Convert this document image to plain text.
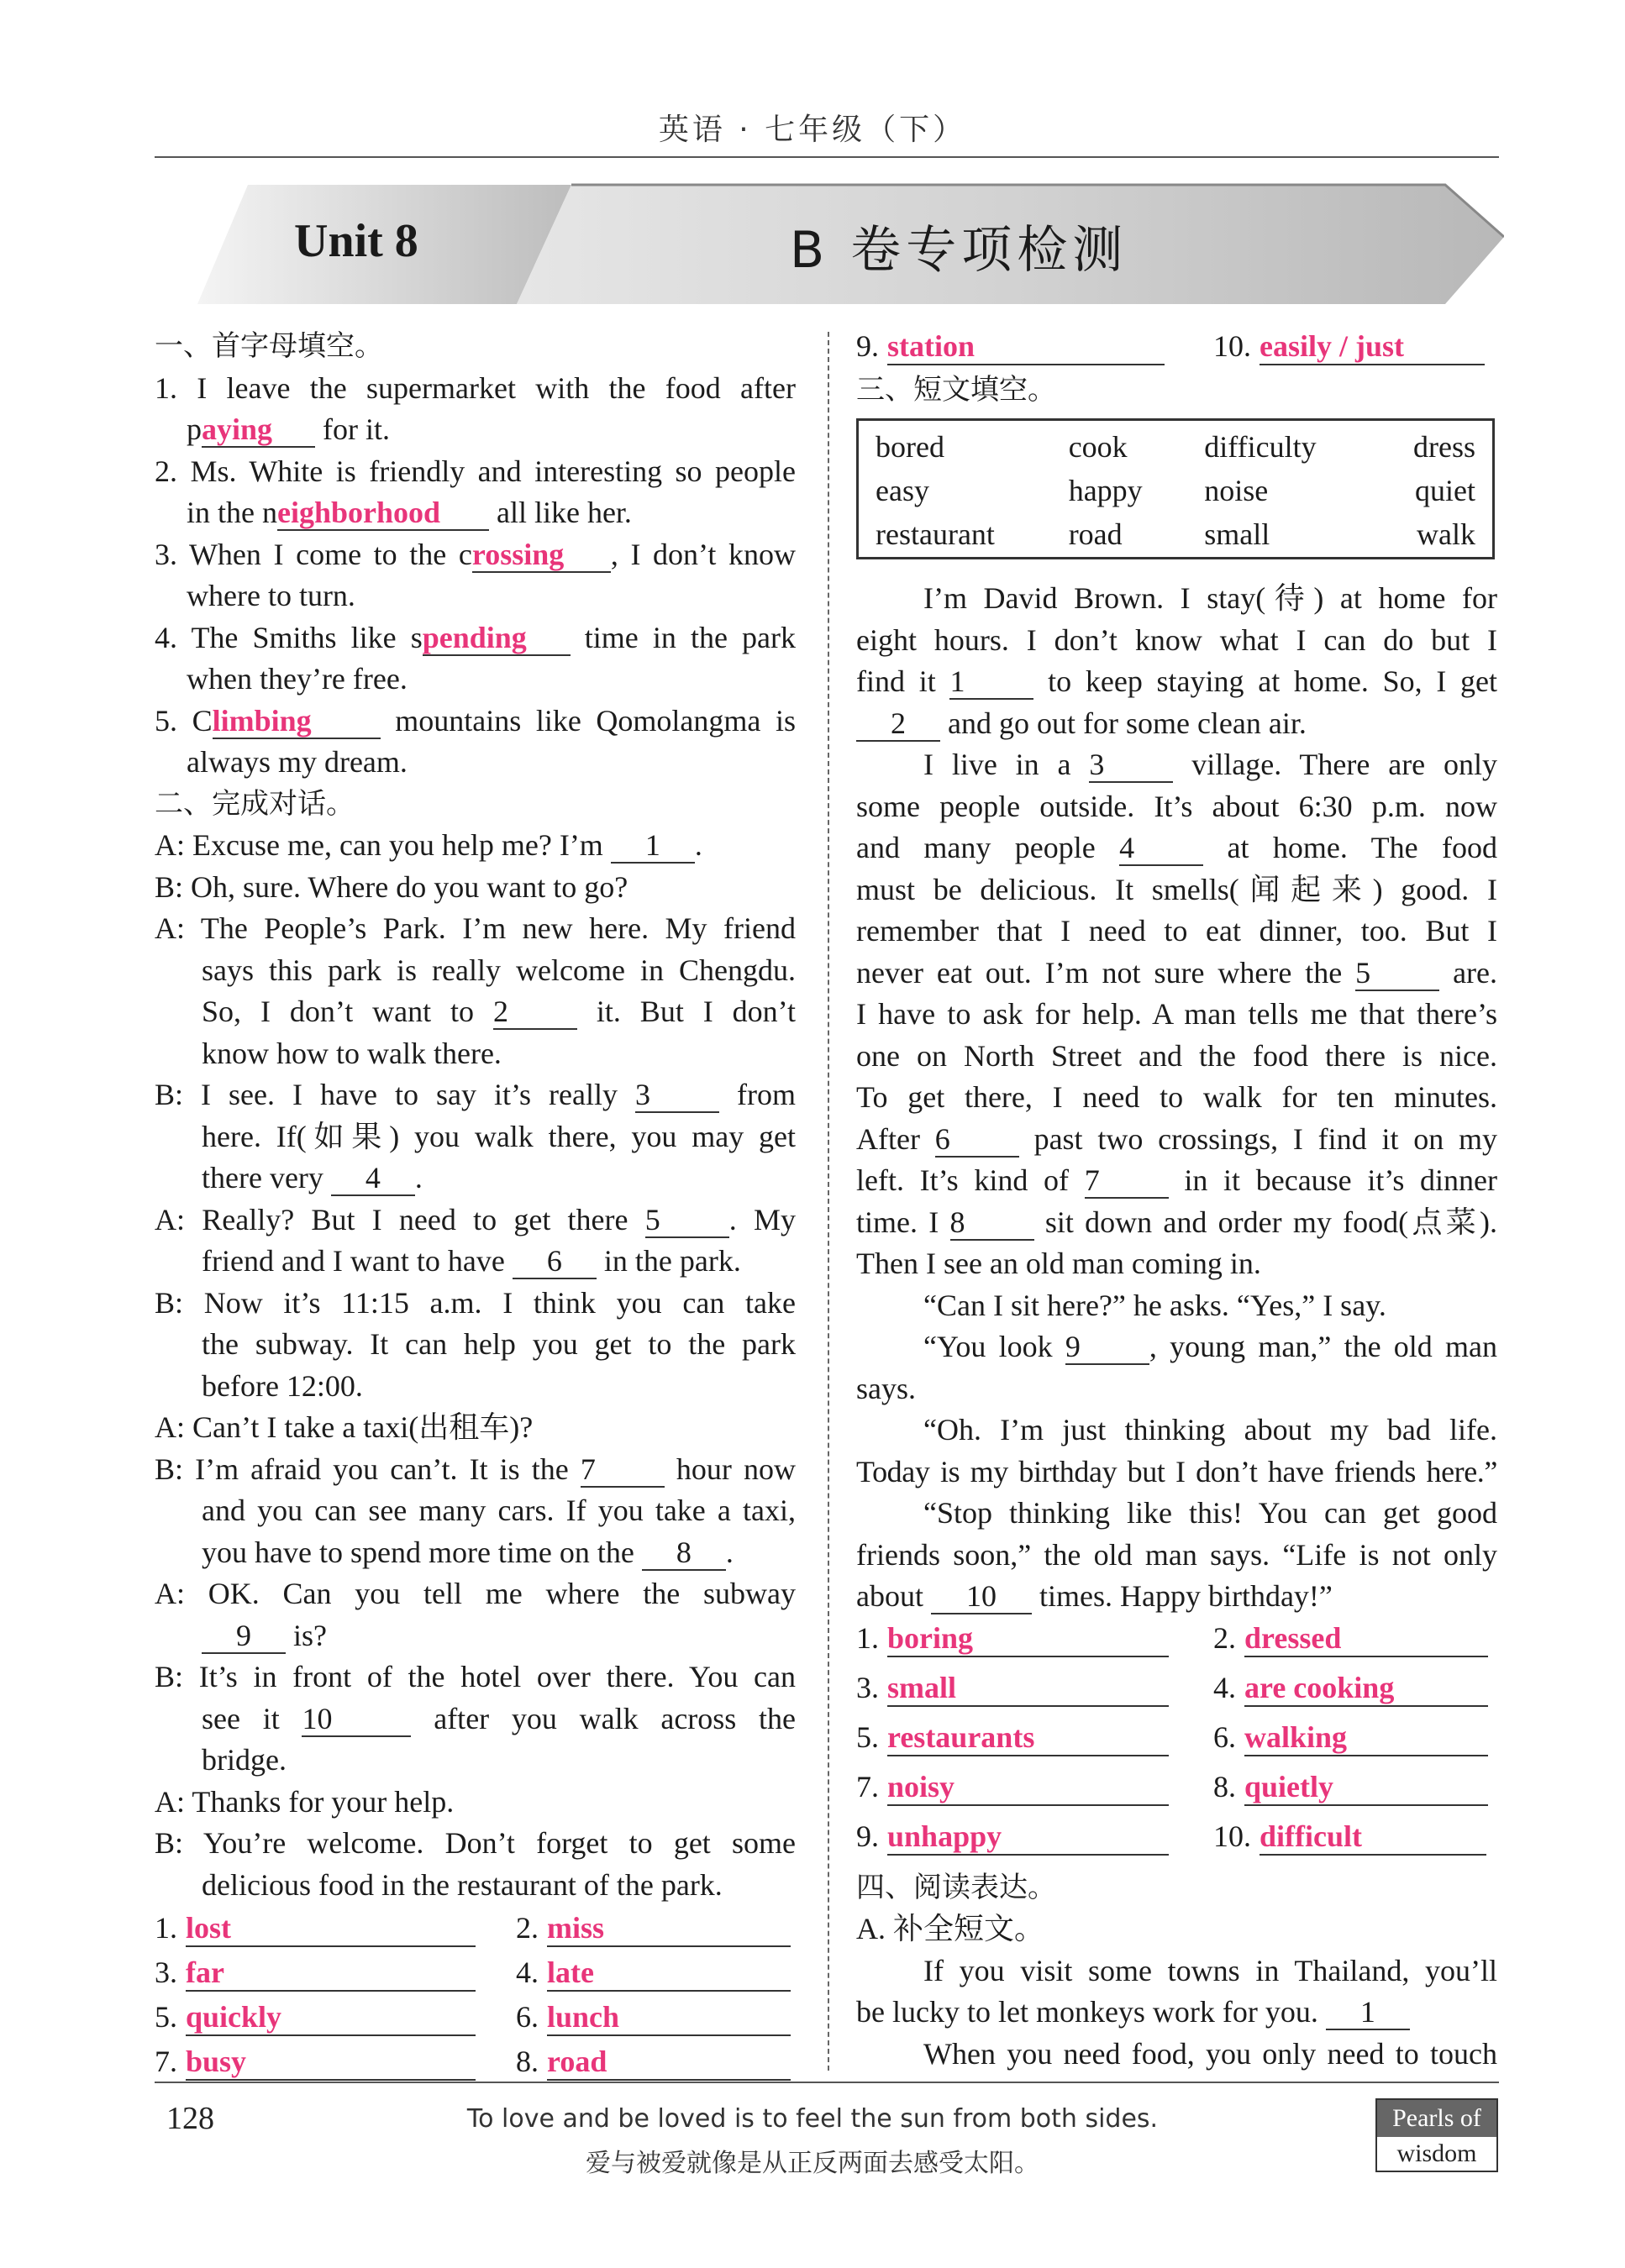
英语 · 七年级（下）
Unit 8	B 卷专项检测
一、首字母填空。
1. I leave the supermarket with the food after
paying for it.
2. Ms. White is friendly and interesting so people
in the neighborhood all like her.
3. When I come to the crossing , I don’t know
where to turn.
4. The Smiths like spending time in the park
when they’re free.
5. Climbing	mountains like Qomolangma is
always my dream.
二、完成对话。
A: Excuse me, can you help me? I’m 1 .
B: Oh, sure. Where do you want to go?
A: The People’s Park. I’m new here. My friend
says this park is really welcome in Chengdu.
So, I don’t want to 2	it. But I don’t
know how to walk there.
B: I see. I have to say it’s really 3	from
here. If(如果) you walk there, you may get
there very 4 .
A: Really? But I need to get there 5 . My
friend and I want to have 6 in the park.
B: Now it’s 11:15 a.m. I think you can take
the subway. It can help you get to the park
before 12:00.
A: Can’t I take a taxi(出租车)?
B: I’m afraid you can’t. It is the 7	hour now
and you can see many cars. If you take a taxi,
you have to spend more time on the 8 .
A: OK. Can you tell me where the subway
9 is?
B: It’s in front of the hotel over there. You can
see it 10	after you walk across the
bridge.
A: Thanks for your help.
B: You’re welcome. Don’t forget to get some
delicious food in the restaurant of the park.
1. lost	2. miss
3. far	4. late
5. quickly	6. lunch
7. busy	8. road
9. station	10. easily / just
三、短文填空。
bored	cook	difficulty	dress
easy	happy	noise	quiet
restaurant	road	small	walk
I’m David Brown. I stay(待) at home for
eight hours. I don’t know what I can do but I
find it 1	to keep staying at home. So, I get
2 and go out for some clean air.
I live in a 3	village. There are only
some people outside. It’s about 6:30 p.m. now
and many people 4	at home. The food
must be delicious. It smells(闻起来) good. I
remember that I need to eat dinner, too. But I
never eat out. I’m not sure where the 5	are.
I have to ask for help. A man tells me that there’s
one on North Street and the food there is nice.
To get there, I need to walk for ten minutes.
After 6	past two crossings, I find it on my
left. It’s kind of 7	in it because it’s dinner
time. I 8	sit down and order my food(点菜).
Then I see an old man coming in.
“Can I sit here?” he asks. “Yes,” I say.
“You look 9 , young man,” the old man
says.
“Oh. I’m just thinking about my bad life.
Today is my birthday but I don’t have friends here.”
“Stop thinking like this! You can get good
friends soon,” the old man says. “Life is not only
about 10 times. Happy birthday!”
1. boring	2. dressed
3. small	4. are cooking
5. restaurants	6. walking
7. noisy	8. quietly
9. unhappy	10. difficult
四、阅读表达。
A. 补全短文。
If you visit some towns in Thailand, you’ll
be lucky to let monkeys work for you. 1
When you need food, you only need to touch
128	To love and be loved is to feel the sun from both sides.
爱与被爱就像是从正反两面去感受太阳。
Pearls of
wisdom
